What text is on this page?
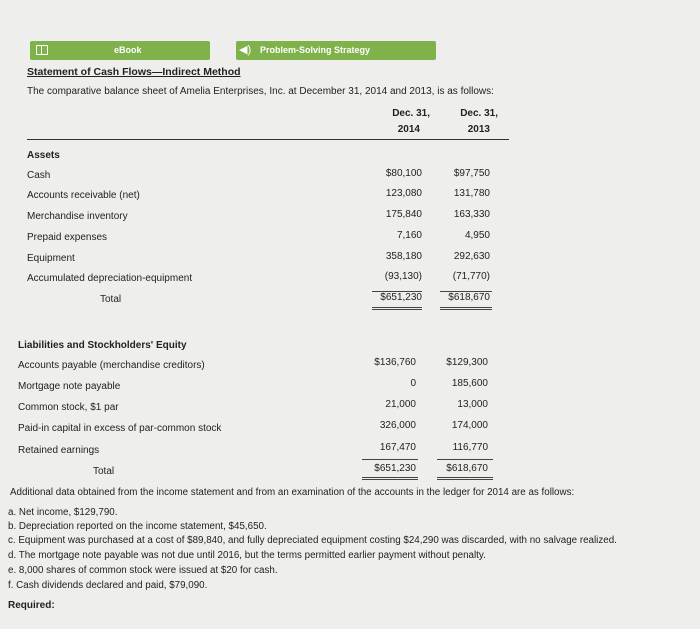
eBook	◀) Problem-Solving Strategy
Statement of Cash Flows—Indirect Method
The comparative balance sheet of Amelia Enterprises, Inc. at December 31, 2014 and 2013, is as follows:
Dec. 31,
2014
Dec. 31,
2013
Assets
Cash	$80,100	$97,750
Accounts receivable (net)	123,080	131,780
Merchandise inventory	175,840	163,330
Prepaid expenses	7,160	4,950
Equipment	358,180	292,630
Accumulated depreciation-equipment	(93,130)	(71,770)
Total	$651,230	$618,670
Liabilities and Stockholders' Equity
Accounts payable (merchandise creditors)	$136,760	$129,300
Mortgage note payable	0	185,600
Common stock, $1 par	21,000	13,000
Paid-in capital in excess of par-common stock	326,000	174,000
Retained earnings	167,470	116,770
Total	$651,230	$618,670
Additional data obtained from the income statement and from an examination of the accounts in the ledger for 2014 are as follows:
a. Net income, $129,790.
b. Depreciation reported on the income statement, $45,650.
c. Equipment was purchased at a cost of $89,840, and fully depreciated equipment costing $24,290 was discarded, with no salvage realized.
d. The mortgage note payable was not due until 2016, but the terms permitted earlier payment without penalty.
e. 8,000 shares of common stock were issued at $20 for cash.
f. Cash dividends declared and paid, $79,090.
Required:
